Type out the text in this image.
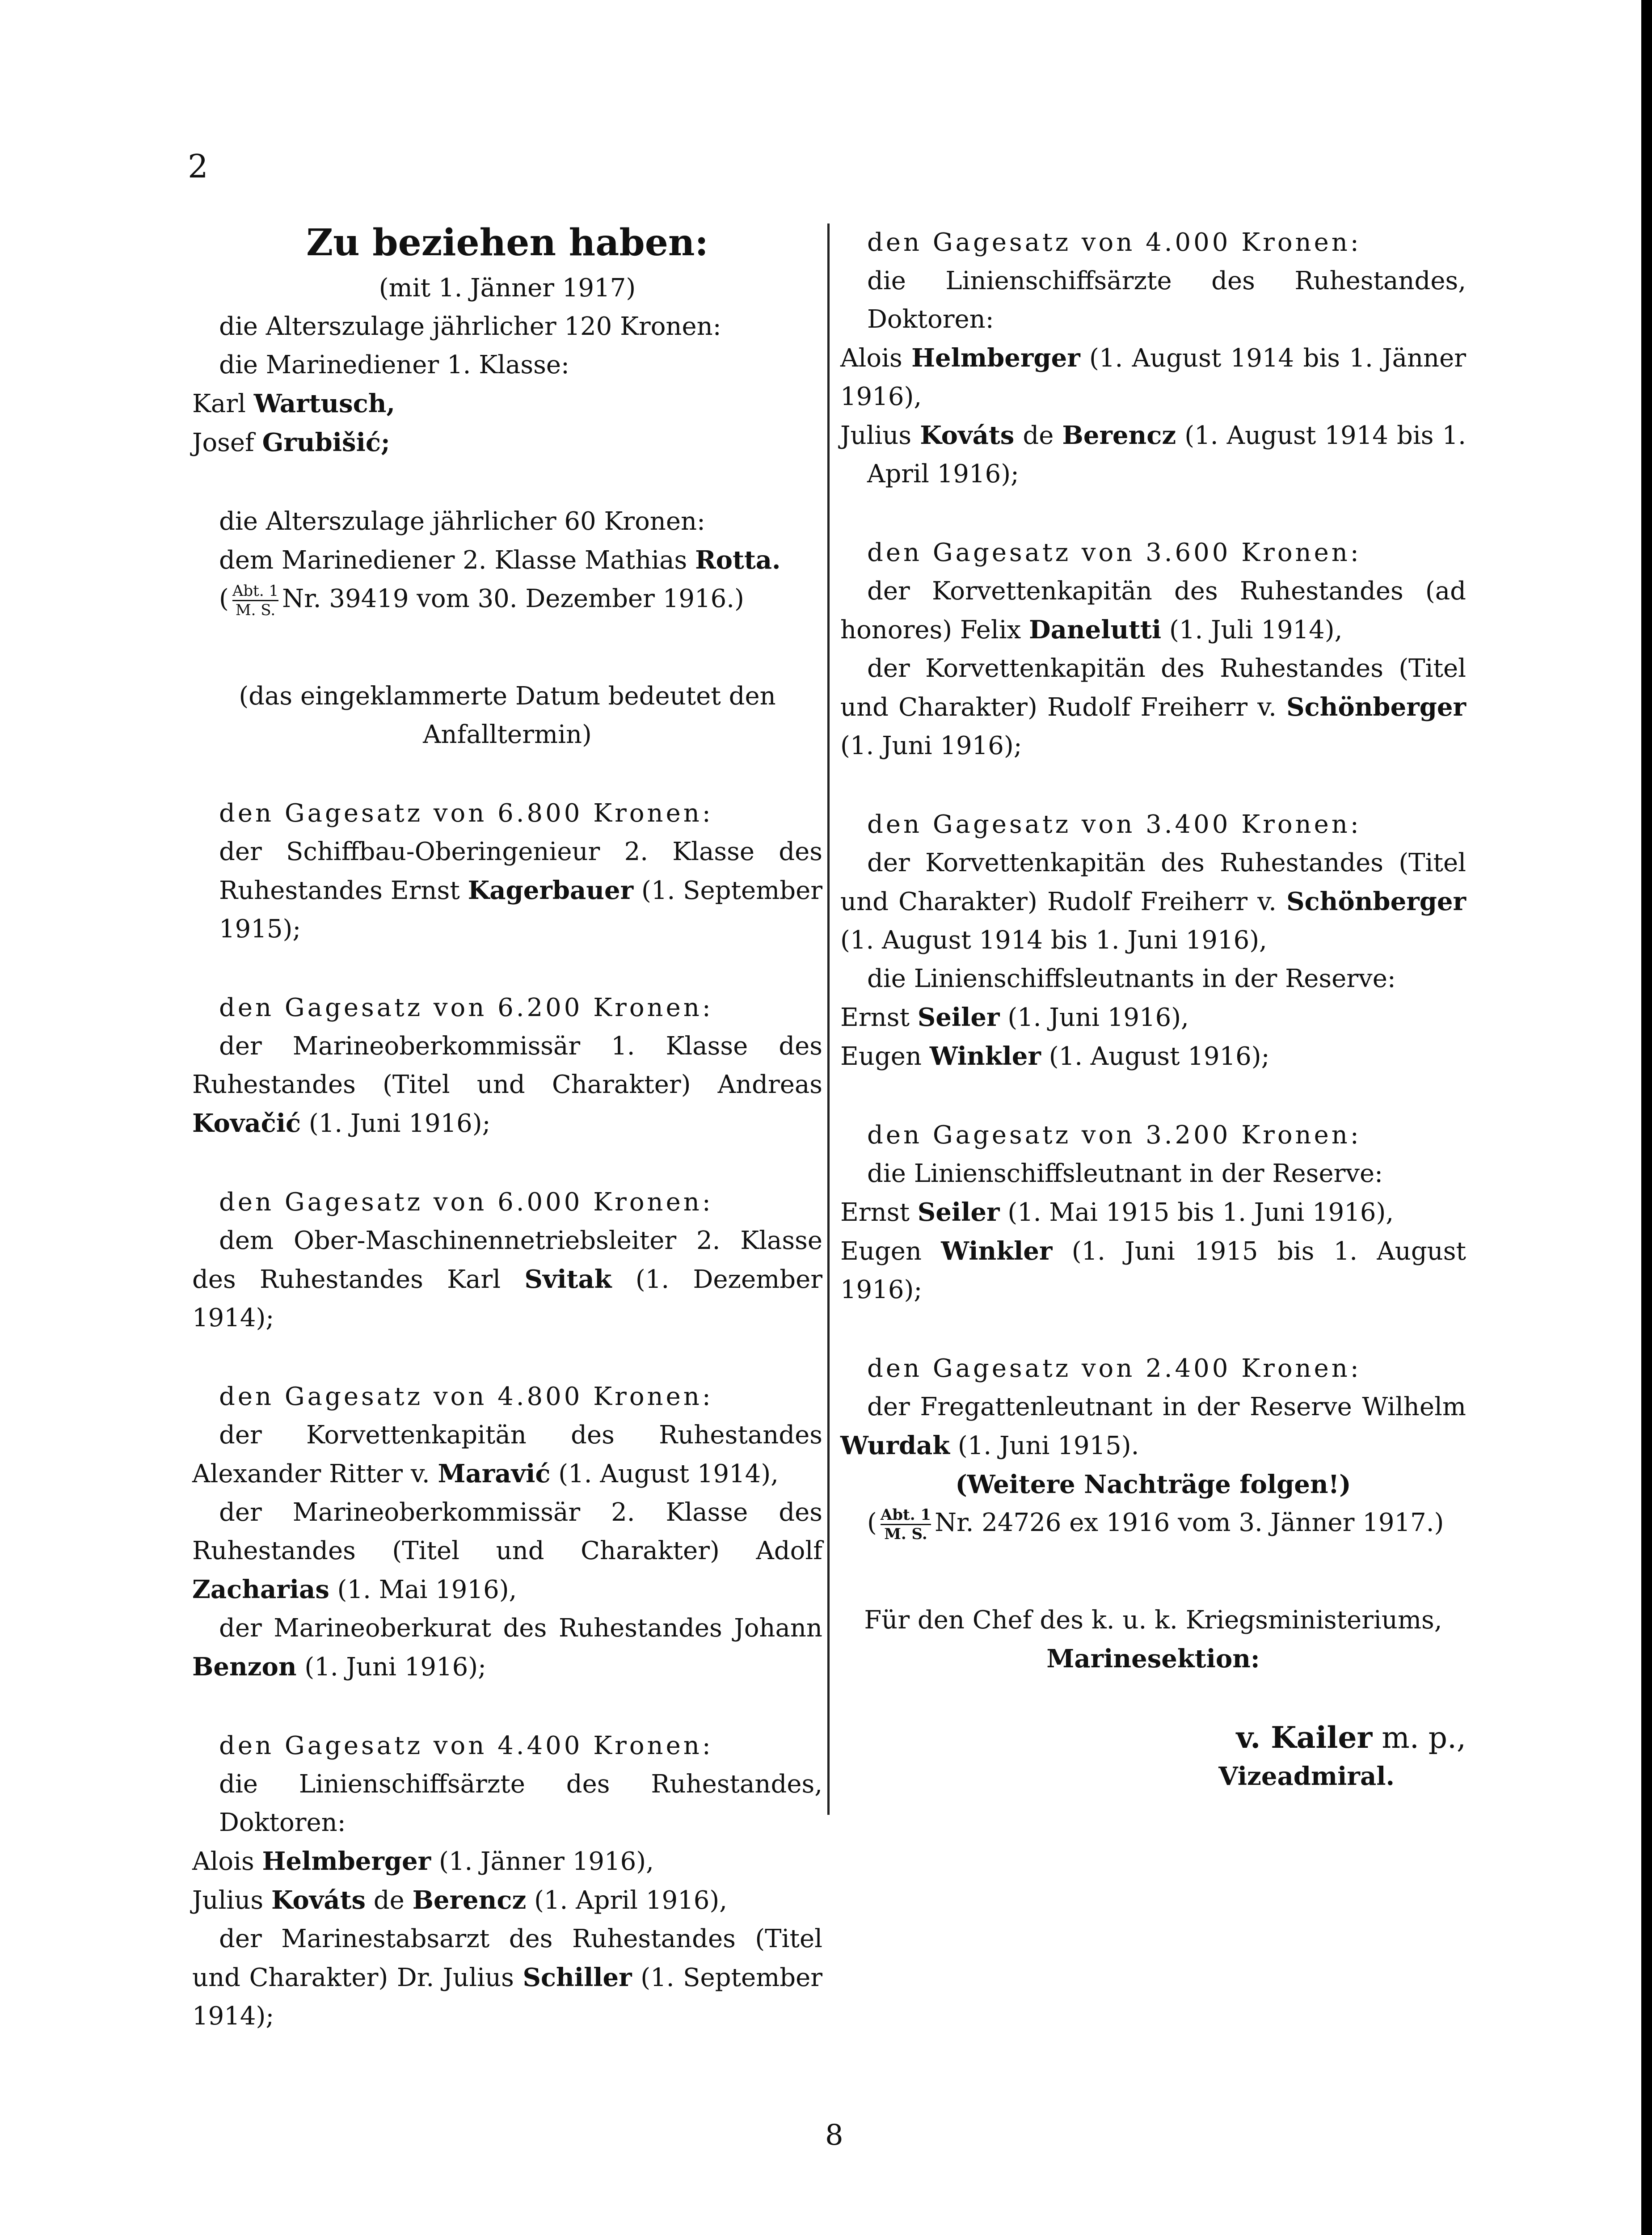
2

Zu beziehen haben:

(mit 1. Jänner 1917)

die Alterszulage jährlicher 120 Kronen:

die Marinediener 1. Klasse:

Karl Wartusch,

Josef Grubišić;

die Alterszulage jährlicher 60 Kronen:

dem Marinediener 2. Klasse Mathias Rotta.

( $\frac{\text{Abt. 1}}{M. S.} Nr$. 39419 vom 30. Dezember 1916.)

(das eingeklammerte Datum bedeutet den Anfalltermin)

den Gagesatz von 6.800 Kronen:

der Schiffbau-Oberingenieur 2. Klasse des Ruhestandes Ernst Kagerbauer (1. September 1915);

den Gagesatz von 6.200 Kronen:

der Marineoberkommissär 1. Klasse des Ruhestandes (Titel und Charakter) Andreas Kovačić (1. Juni 1916);

den Gagesatz von 6.000 Kronen:

dem Ober-Maschinennetriebsleiter 2. Klasse des Ruhestandes Karl Svitak (1. Dezember 1914);

den Gagesatz von 4.800 Kronen:

der Korvettenkapitän des Ruhestandes Alexander Ritter v. Maravić (1. August 1914),

der Marineoberkommissär 2. Klasse des Ruhestandes (Titel und Charakter) Adolf Zacharias (1. Mai 1916),

der Marineoberkurat des Ruhestandes Johann Benzon (1. Juni 1916);

den Gagesatz von 4.400 Kronen:

die Linienschiffsärzte des Ruhestandes, Doktoren:

Alois Helmberger (1. Jänner 1916),

Julius Kováts de Berencz (1. April 1916),

der Marinestabsarzt des Ruhestandes (Titel und Charakter) Dr. Julius Schiller (1. September 1914);

den Gagesatz von 4.000 Kronen:

die Linienschiffsärzte des Ruhestandes, Doktoren:

Alois Helmberger (1. August 1914 bis 1. Jänner 1916),

Julius Kováts de Berencz (1. August 1914 bis 1. April 1916);

den Gagesatz von 3.600 Kronen:

der Korvettenkapitän des Ruhestandes (ad honores) Felix Danelutti (1. Juli 1914),

der Korvettenkapitän des Ruhestandes (Titel und Charakter) Rudolf Freiherr v. Schönberger (1. Juni 1916);

den Gagesatz von 3.400 Kronen:

der Korvettenkapitän des Ruhestandes (Titel und Charakter) Rudolf Freiherr v. Schönberger (1. August 1914 bis 1. Juni 1916),

die Linienschiffsleutnants in der Reserve:

Ernst Seiler (1. Juni 1916),

Eugen Winkler (1. August 1916);

den Gagesatz von 3.200 Kronen:

die Linienschiffsleutnant in der Reserve:

Ernst Seiler (1. Mai 1915 bis 1. Juni 1916),

Eugen Winkler (1. Juni 1915 bis 1. August 1916);

den Gagesatz von 2.400 Kronen:

der Fregattenleutnant in der Reserve Wilhelm Wurdak (1. Juni 1915).

(Weitere Nachträge folgen!)

( $\frac{\text{Abt. 1}}{M. S.} Nr$. 24726 ex 1916 vom 3. Jänner 1917.)

Für den Chef des k. u. k. Kriegsministeriums,

Marinesektion:

v. Kailer m. p.,

Vizeadmiral.

8
